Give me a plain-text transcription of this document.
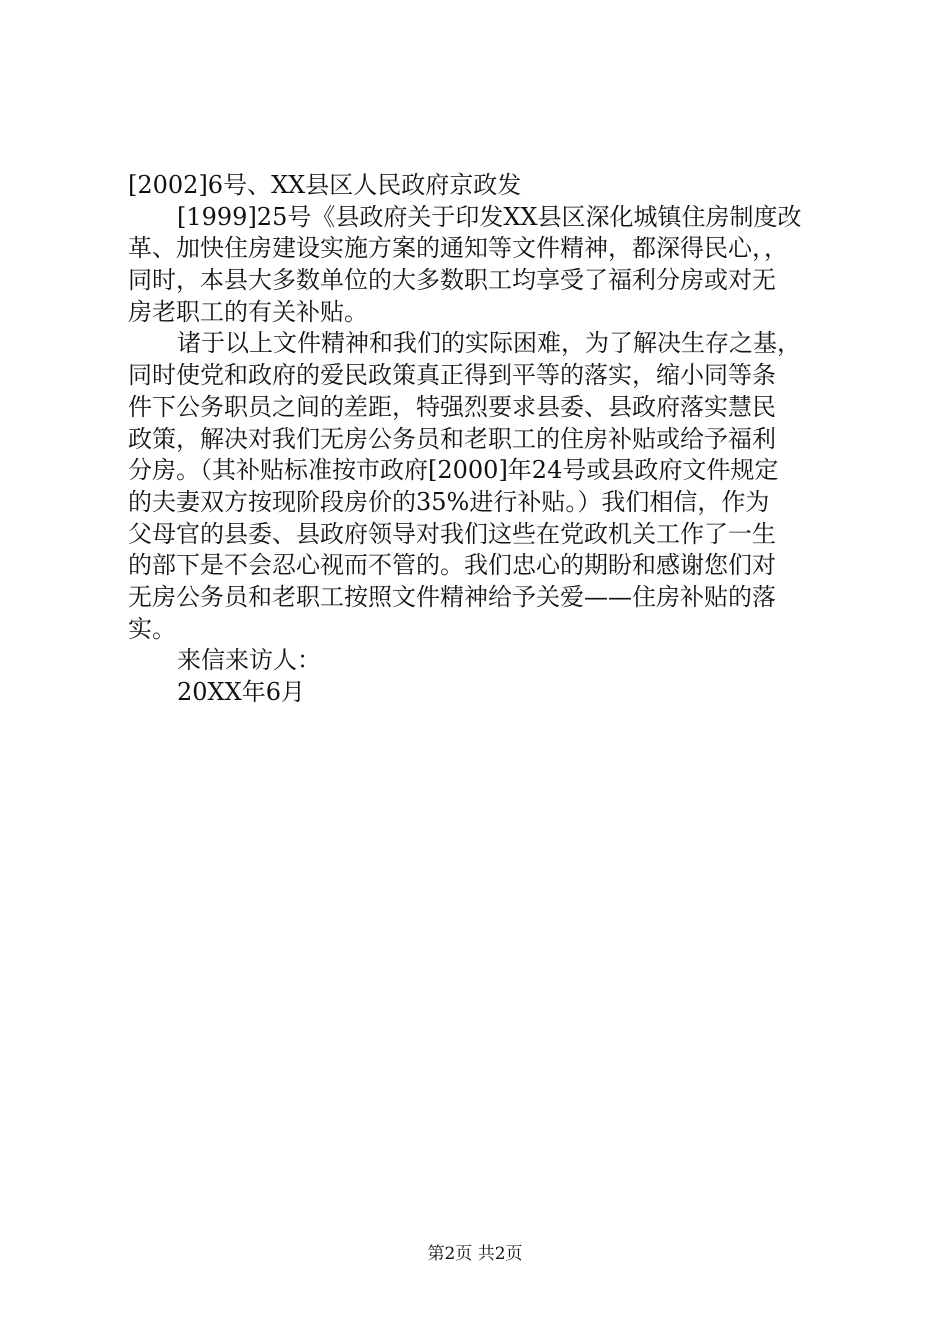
[2002]6号、XX县区人民政府京政发
[1999]25号《县政府关于印发XX县区深化城镇住房制度改
革、加快住房建设实施方案的通知等文件精神，都深得民心，，
同时，本县大多数单位的大多数职工均享受了福利分房或对无
房老职工的有关补贴。
诸于以上文件精神和我们的实际困难，为了解决生存之基，
同时使党和政府的爱民政策真正得到平等的落实，缩小同等条
件下公务职员之间的差距，特强烈要求县委、县政府落实慧民
政策，解决对我们无房公务员和老职工的住房补贴或给予福利
分房。（其补贴标准按市政府[2000]年24号或县政府文件规定
的夫妻双方按现阶段房价的35%进行补贴。）我们相信，作为
父母官的县委、县政府领导对我们这些在党政机关工作了一生
的部下是不会忍心视而不管的。我们忠心的期盼和感谢您们对
无房公务员和老职工按照文件精神给予关爱——住房补贴的落
实。
来信来访人：
20XX年6月
第2页 共2页
